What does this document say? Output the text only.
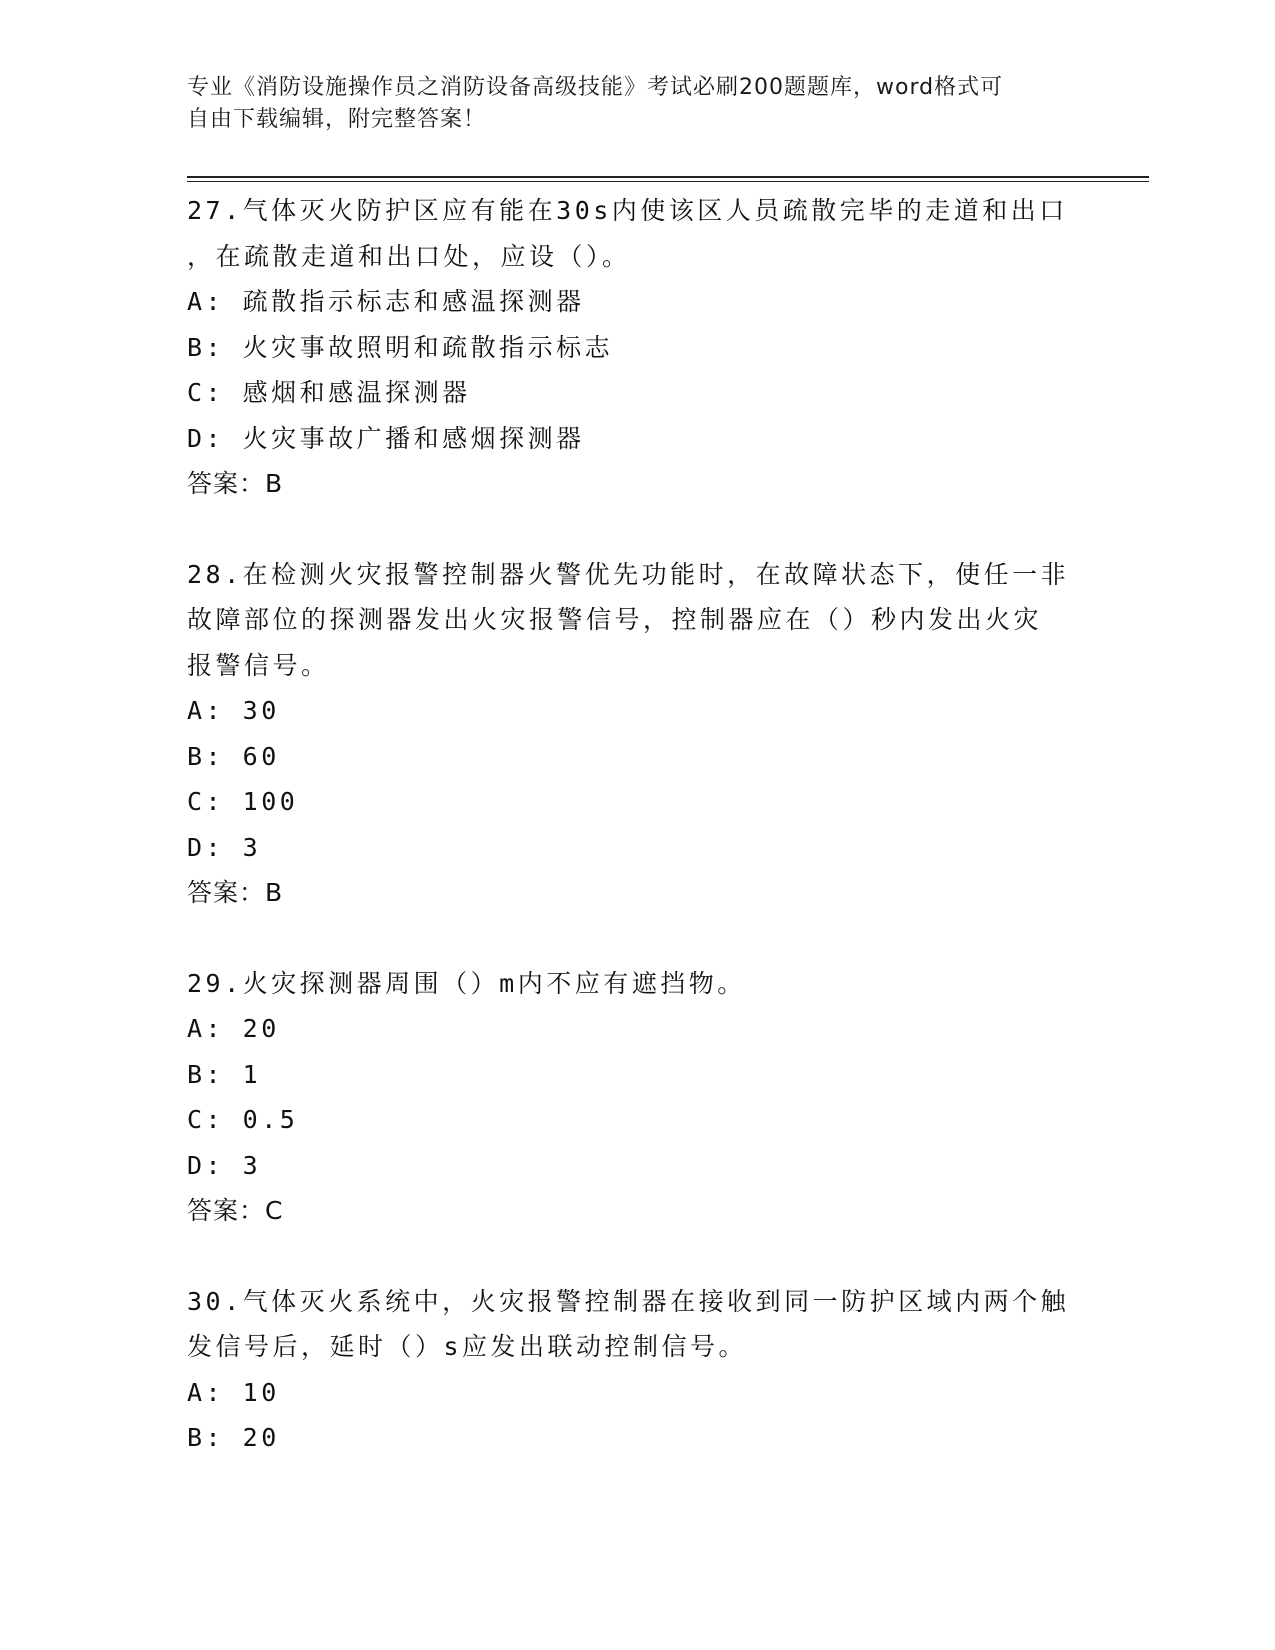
专业《消防设施操作员之消防设备高级技能》考试必刷200题题库，word格式可
自由下载编辑，附完整答案！
27.气体灭火防护区应有能在30s内使该区人员疏散完毕的走道和出口
，在疏散走道和出口处，应设（）。
A: 疏散指示标志和感温探测器
B: 火灾事故照明和疏散指示标志
C: 感烟和感温探测器
D: 火灾事故广播和感烟探测器
答案：B
28.在检测火灾报警控制器火警优先功能时，在故障状态下，使任一非
故障部位的探测器发出火灾报警信号，控制器应在（）秒内发出火灾
报警信号。
A: 30
B: 60
C: 100
D: 3
答案：B
29.火灾探测器周围（）m内不应有遮挡物。
A: 20
B: 1
C: 0.5
D: 3
答案：C
30.气体灭火系统中，火灾报警控制器在接收到同一防护区域内两个触
发信号后，延时（）s应发出联动控制信号。
A: 10
B: 20
